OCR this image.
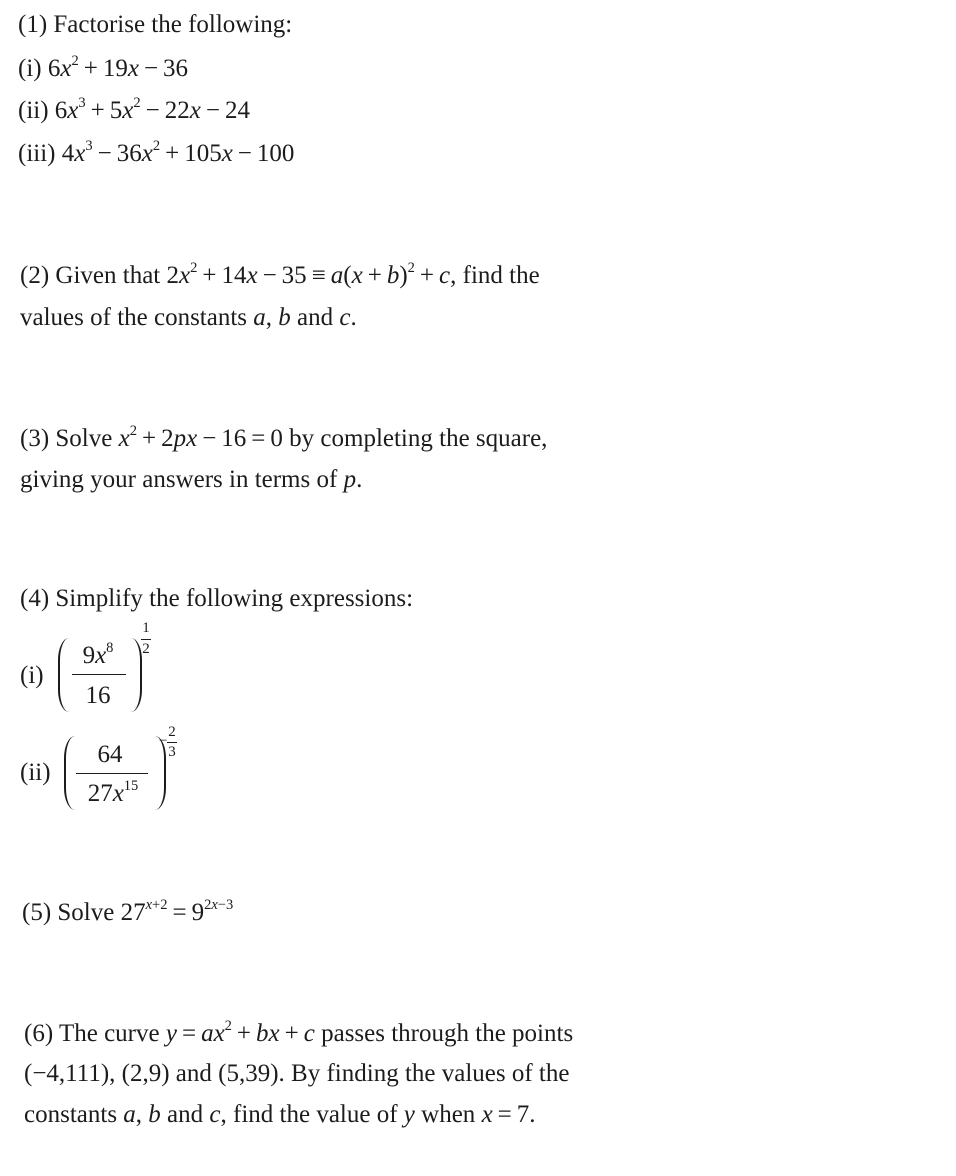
(1) Factorise the following:
(i) $6x^2 + 19x - 36$
(ii) $6x^3 + 5x^2 - 22x - 24$
(iii) $4x^3 - 36x^2 + 105x - 100$
(2) Given that $2x^2 + 14x - 35 \equiv a(x + b)^2 + c$, find the
values of the constants a, b and c.
(3) Solve $x^2 + 2px - 16 = 0$ by completing the square,
giving your answers in terms of p.
(4) Simplify the following expressions:
(i)
$9x^8$
16
1
2
(ii)
64
$27x^{15}$
−
2
3
(5) Solve $27^{x+2} = 9^{2x-3}$
(6) The curve $y = ax^2$ + bx + c passes through the points
(−4,111), (2,9) and (5,39). By finding the values of the
constants a, b and c, find the value of y when x = 7.
